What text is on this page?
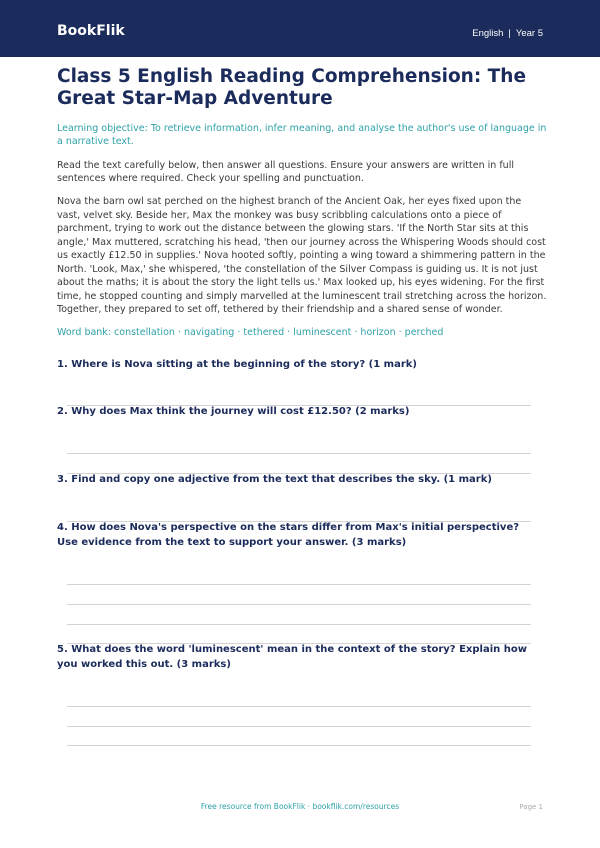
BookFlik	English | Year 5
Class 5 English Reading Comprehension: The Great Star-Map Adventure
Learning objective: To retrieve information, infer meaning, and analyse the author's use of language in a narrative text.
Read the text carefully below, then answer all questions. Ensure your answers are written in full sentences where required. Check your spelling and punctuation.
Nova the barn owl sat perched on the highest branch of the Ancient Oak, her eyes fixed upon the vast, velvet sky. Beside her, Max the monkey was busy scribbling calculations onto a piece of parchment, trying to work out the distance between the glowing stars. 'If the North Star sits at this angle,' Max muttered, scratching his head, 'then our journey across the Whispering Woods should cost us exactly £12.50 in supplies.' Nova hooted softly, pointing a wing toward a shimmering pattern in the North. 'Look, Max,' she whispered, 'the constellation of the Silver Compass is guiding us. It is not just about the maths; it is about the story the light tells us.' Max looked up, his eyes widening. For the first time, he stopped counting and simply marvelled at the luminescent trail stretching across the horizon. Together, they prepared to set off, tethered by their friendship and a shared sense of wonder.
Word bank: constellation · navigating · tethered · luminescent · horizon · perched
1. Where is Nova sitting at the beginning of the story? (1 mark)
2. Why does Max think the journey will cost £12.50? (2 marks)
3. Find and copy one adjective from the text that describes the sky. (1 mark)
4. How does Nova's perspective on the stars differ from Max's initial perspective? Use evidence from the text to support your answer. (3 marks)
5. What does the word 'luminescent' mean in the context of the story? Explain how you worked this out. (3 marks)
Free resource from BookFlik · bookflik.com/resources	Page 1
